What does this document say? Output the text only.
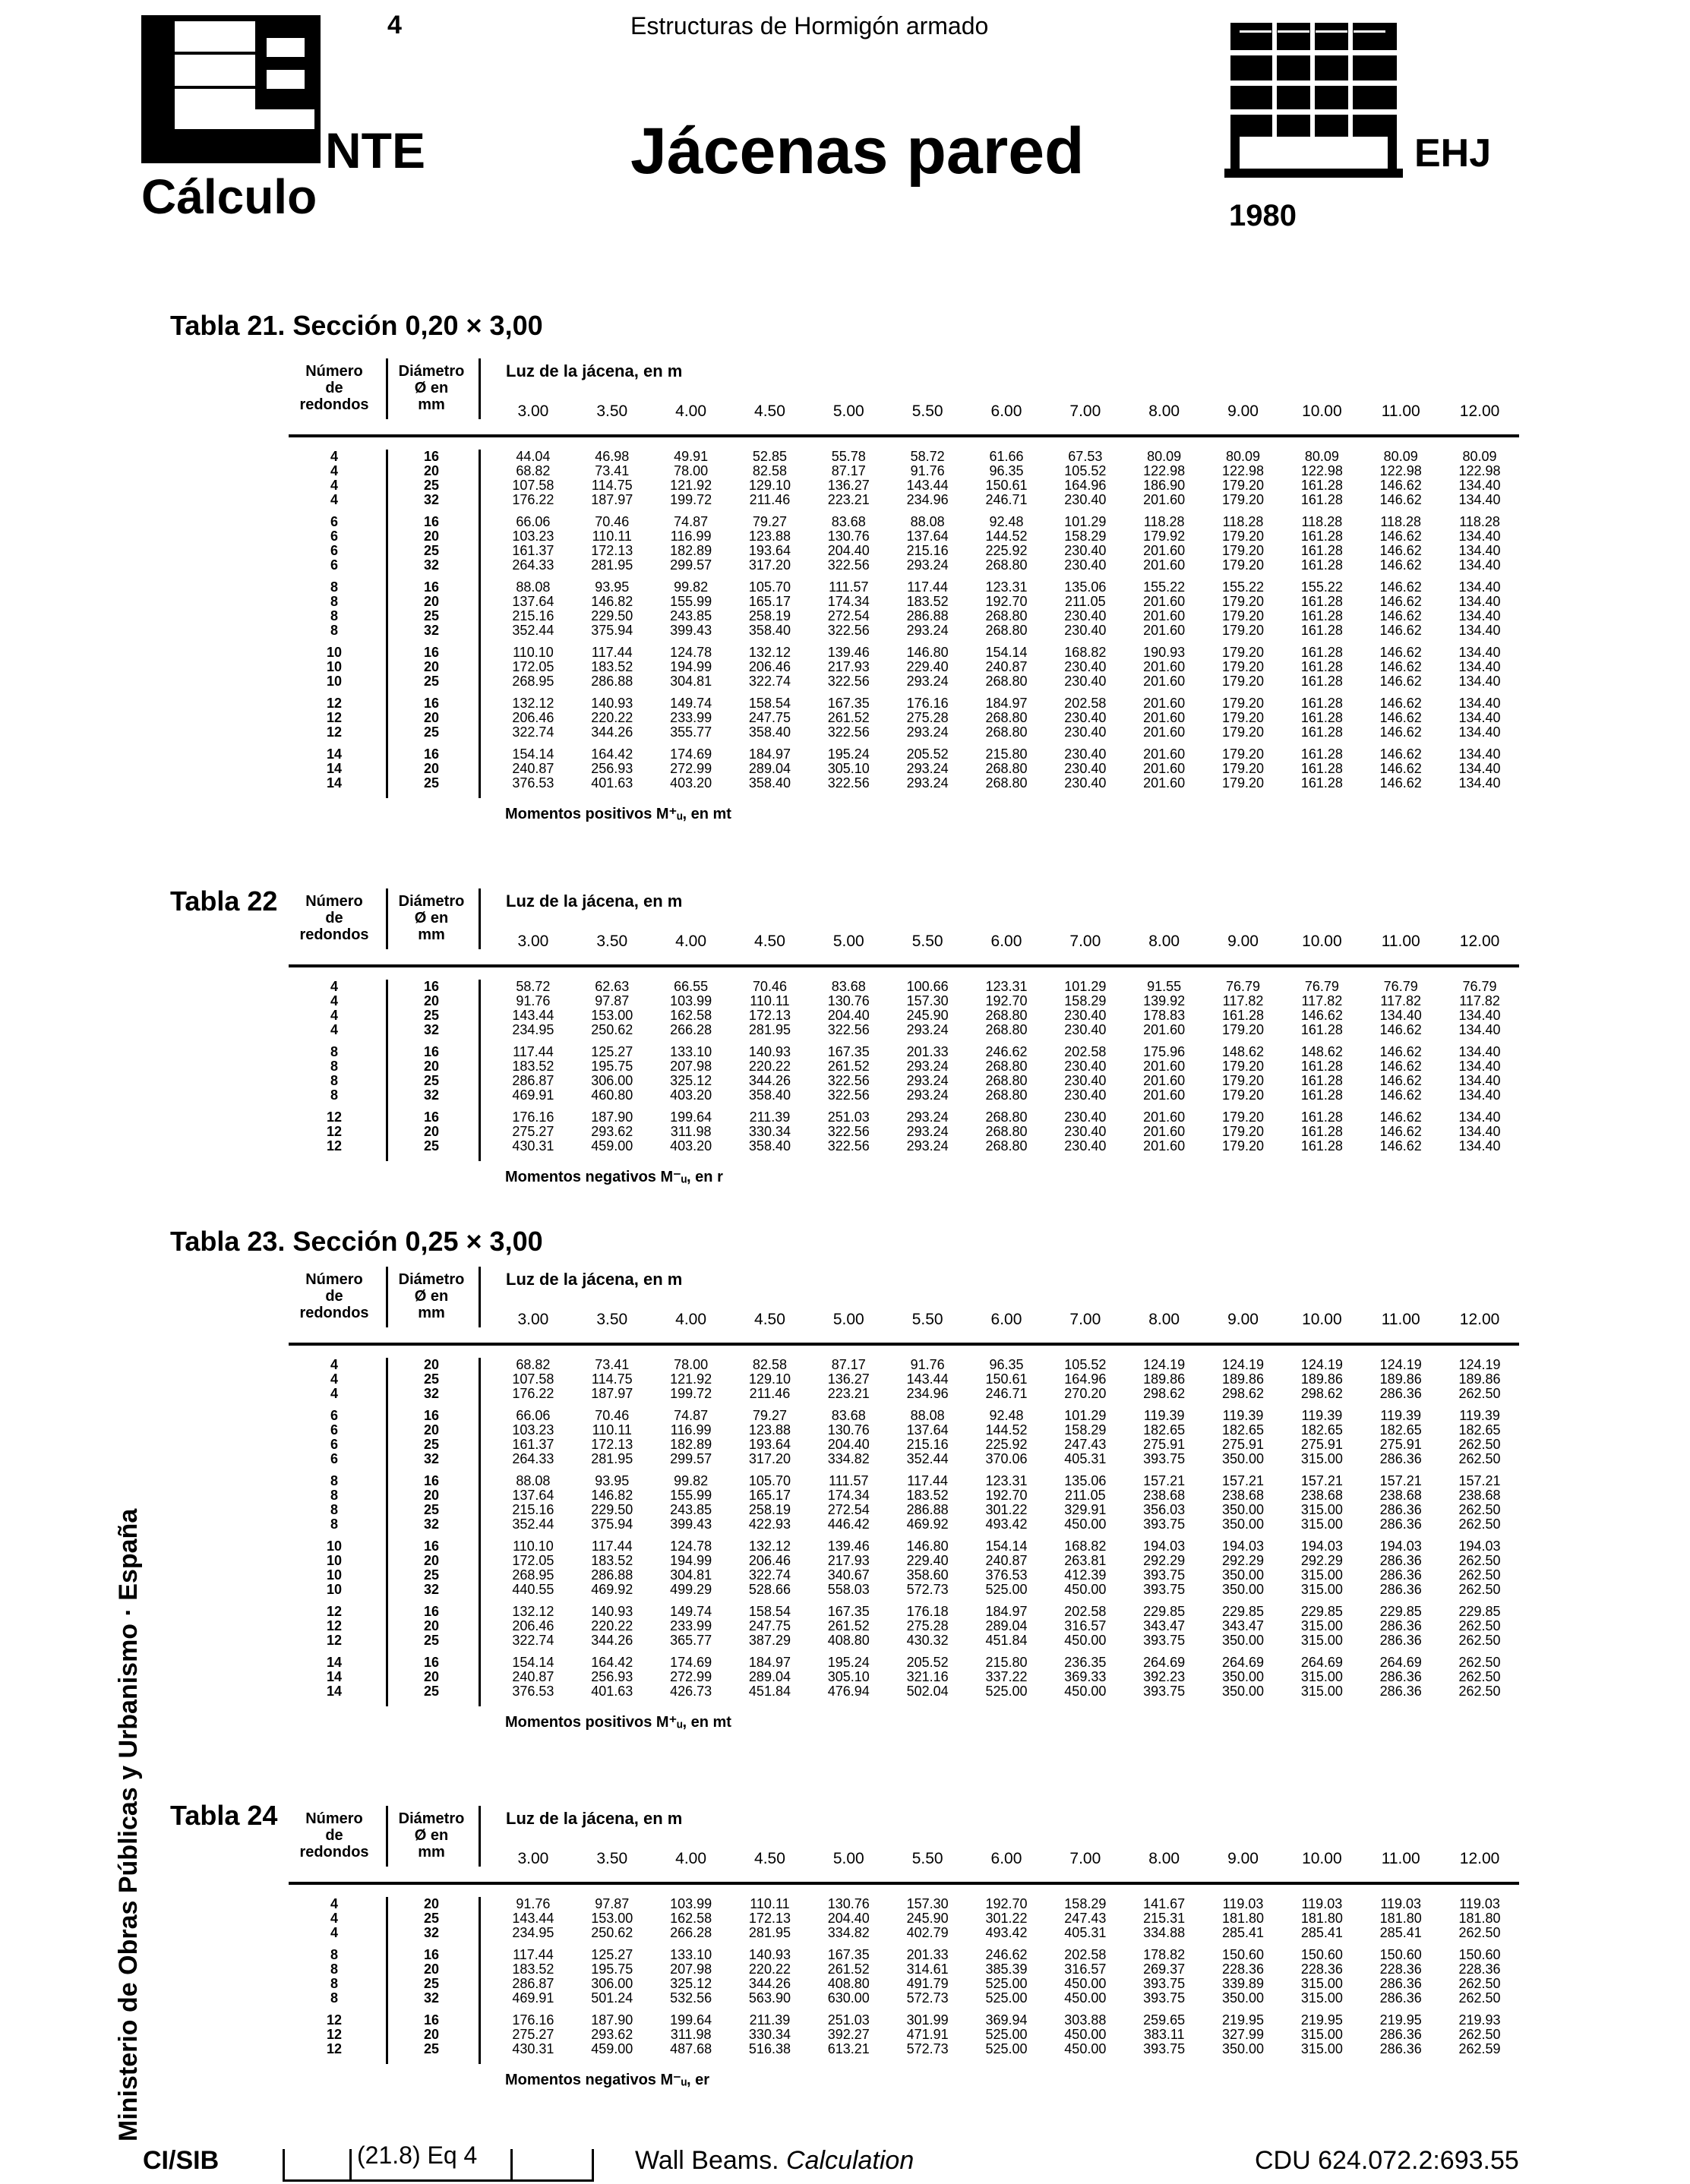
4	Estructuras de Hormigón armado
NTE
Cálculo
Jácenas pared	EHJ
1980
Ministerio de Obras Públicas y Urbanismo · España
CI/SIB	(21.8) Eq 4	Wall Beams. Calculation	CDU 624.072.2:693.55
Tabla 21. Sección 0,20 × 3,00
Tabla 22
Tabla 23. Sección 0,25 × 3,00
Tabla 24
Número
de
redondos
Diámetro
Ø en
mm
Luz de la jácena, en m
3.00	3.50	4.00	4.50	5.00	5.50	6.00	7.00	8.00	9.00	10.00	11.00	12.00
4	16	44.04	46.98	49.91	52.85	55.78	58.72	61.66	67.53	80.09	80.09	80.09	80.09	80.09
4	20	68.82	73.41	78.00	82.58	87.17	91.76	96.35	105.52	122.98	122.98	122.98	122.98	122.98
4	25	107.58	114.75	121.92	129.10	136.27	143.44	150.61	164.96	186.90	179.20	161.28	146.62	134.40
4	32	176.22	187.97	199.72	211.46	223.21	234.96	246.71	230.40	201.60	179.20	161.28	146.62	134.40
6	16	66.06	70.46	74.87	79.27	83.68	88.08	92.48	101.29	118.28	118.28	118.28	118.28	118.28
6	20	103.23	110.11	116.99	123.88	130.76	137.64	144.52	158.29	179.92	179.20	161.28	146.62	134.40
6	25	161.37	172.13	182.89	193.64	204.40	215.16	225.92	230.40	201.60	179.20	161.28	146.62	134.40
6	32	264.33	281.95	299.57	317.20	322.56	293.24	268.80	230.40	201.60	179.20	161.28	146.62	134.40
8	16	88.08	93.95	99.82	105.70	111.57	117.44	123.31	135.06	155.22	155.22	155.22	146.62	134.40
8	20	137.64	146.82	155.99	165.17	174.34	183.52	192.70	211.05	201.60	179.20	161.28	146.62	134.40
8	25	215.16	229.50	243.85	258.19	272.54	286.88	268.80	230.40	201.60	179.20	161.28	146.62	134.40
8	32	352.44	375.94	399.43	358.40	322.56	293.24	268.80	230.40	201.60	179.20	161.28	146.62	134.40
10	16	110.10	117.44	124.78	132.12	139.46	146.80	154.14	168.82	190.93	179.20	161.28	146.62	134.40
10	20	172.05	183.52	194.99	206.46	217.93	229.40	240.87	230.40	201.60	179.20	161.28	146.62	134.40
10	25	268.95	286.88	304.81	322.74	322.56	293.24	268.80	230.40	201.60	179.20	161.28	146.62	134.40
12	16	132.12	140.93	149.74	158.54	167.35	176.16	184.97	202.58	201.60	179.20	161.28	146.62	134.40
12	20	206.46	220.22	233.99	247.75	261.52	275.28	268.80	230.40	201.60	179.20	161.28	146.62	134.40
12	25	322.74	344.26	355.77	358.40	322.56	293.24	268.80	230.40	201.60	179.20	161.28	146.62	134.40
14	16	154.14	164.42	174.69	184.97	195.24	205.52	215.80	230.40	201.60	179.20	161.28	146.62	134.40
14	20	240.87	256.93	272.99	289.04	305.10	293.24	268.80	230.40	201.60	179.20	161.28	146.62	134.40
14	25	376.53	401.63	403.20	358.40	322.56	293.24	268.80	230.40	201.60	179.20	161.28	146.62	134.40
Momentos positivos M⁺ᵤ, en mt
Número
de
redondos
Diámetro
Ø en
mm
Luz de la jácena, en m
3.00	3.50	4.00	4.50	5.00	5.50	6.00	7.00	8.00	9.00	10.00	11.00	12.00
4	16	58.72	62.63	66.55	70.46	83.68	100.66	123.31	101.29	91.55	76.79	76.79	76.79	76.79
4	20	91.76	97.87	103.99	110.11	130.76	157.30	192.70	158.29	139.92	117.82	117.82	117.82	117.82
4	25	143.44	153.00	162.58	172.13	204.40	245.90	268.80	230.40	178.83	161.28	146.62	134.40	134.40
4	32	234.95	250.62	266.28	281.95	322.56	293.24	268.80	230.40	201.60	179.20	161.28	146.62	134.40
8	16	117.44	125.27	133.10	140.93	167.35	201.33	246.62	202.58	175.96	148.62	148.62	146.62	134.40
8	20	183.52	195.75	207.98	220.22	261.52	293.24	268.80	230.40	201.60	179.20	161.28	146.62	134.40
8	25	286.87	306.00	325.12	344.26	322.56	293.24	268.80	230.40	201.60	179.20	161.28	146.62	134.40
8	32	469.91	460.80	403.20	358.40	322.56	293.24	268.80	230.40	201.60	179.20	161.28	146.62	134.40
12	16	176.16	187.90	199.64	211.39	251.03	293.24	268.80	230.40	201.60	179.20	161.28	146.62	134.40
12	20	275.27	293.62	311.98	330.34	322.56	293.24	268.80	230.40	201.60	179.20	161.28	146.62	134.40
12	25	430.31	459.00	403.20	358.40	322.56	293.24	268.80	230.40	201.60	179.20	161.28	146.62	134.40
Momentos negativos M⁻ᵤ, en r
Número
de
redondos
Diámetro
Ø en
mm
Luz de la jácena, en m
3.00	3.50	4.00	4.50	5.00	5.50	6.00	7.00	8.00	9.00	10.00	11.00	12.00
4	20	68.82	73.41	78.00	82.58	87.17	91.76	96.35	105.52	124.19	124.19	124.19	124.19	124.19
4	25	107.58	114.75	121.92	129.10	136.27	143.44	150.61	164.96	189.86	189.86	189.86	189.86	189.86
4	32	176.22	187.97	199.72	211.46	223.21	234.96	246.71	270.20	298.62	298.62	298.62	286.36	262.50
6	16	66.06	70.46	74.87	79.27	83.68	88.08	92.48	101.29	119.39	119.39	119.39	119.39	119.39
6	20	103.23	110.11	116.99	123.88	130.76	137.64	144.52	158.29	182.65	182.65	182.65	182.65	182.65
6	25	161.37	172.13	182.89	193.64	204.40	215.16	225.92	247.43	275.91	275.91	275.91	275.91	262.50
6	32	264.33	281.95	299.57	317.20	334.82	352.44	370.06	405.31	393.75	350.00	315.00	286.36	262.50
8	16	88.08	93.95	99.82	105.70	111.57	117.44	123.31	135.06	157.21	157.21	157.21	157.21	157.21
8	20	137.64	146.82	155.99	165.17	174.34	183.52	192.70	211.05	238.68	238.68	238.68	238.68	238.68
8	25	215.16	229.50	243.85	258.19	272.54	286.88	301.22	329.91	356.03	350.00	315.00	286.36	262.50
8	32	352.44	375.94	399.43	422.93	446.42	469.92	493.42	450.00	393.75	350.00	315.00	286.36	262.50
10	16	110.10	117.44	124.78	132.12	139.46	146.80	154.14	168.82	194.03	194.03	194.03	194.03	194.03
10	20	172.05	183.52	194.99	206.46	217.93	229.40	240.87	263.81	292.29	292.29	292.29	286.36	262.50
10	25	268.95	286.88	304.81	322.74	340.67	358.60	376.53	412.39	393.75	350.00	315.00	286.36	262.50
10	32	440.55	469.92	499.29	528.66	558.03	572.73	525.00	450.00	393.75	350.00	315.00	286.36	262.50
12	16	132.12	140.93	149.74	158.54	167.35	176.18	184.97	202.58	229.85	229.85	229.85	229.85	229.85
12	20	206.46	220.22	233.99	247.75	261.52	275.28	289.04	316.57	343.47	343.47	315.00	286.36	262.50
12	25	322.74	344.26	365.77	387.29	408.80	430.32	451.84	450.00	393.75	350.00	315.00	286.36	262.50
14	16	154.14	164.42	174.69	184.97	195.24	205.52	215.80	236.35	264.69	264.69	264.69	264.69	262.50
14	20	240.87	256.93	272.99	289.04	305.10	321.16	337.22	369.33	392.23	350.00	315.00	286.36	262.50
14	25	376.53	401.63	426.73	451.84	476.94	502.04	525.00	450.00	393.75	350.00	315.00	286.36	262.50
Momentos positivos M⁺ᵤ, en mt
Número
de
redondos
Diámetro
Ø en
mm
Luz de la jácena, en m
3.00	3.50	4.00	4.50	5.00	5.50	6.00	7.00	8.00	9.00	10.00	11.00	12.00
4	20	91.76	97.87	103.99	110.11	130.76	157.30	192.70	158.29	141.67	119.03	119.03	119.03	119.03
4	25	143.44	153.00	162.58	172.13	204.40	245.90	301.22	247.43	215.31	181.80	181.80	181.80	181.80
4	32	234.95	250.62	266.28	281.95	334.82	402.79	493.42	405.31	334.88	285.41	285.41	285.41	262.50
8	16	117.44	125.27	133.10	140.93	167.35	201.33	246.62	202.58	178.82	150.60	150.60	150.60	150.60
8	20	183.52	195.75	207.98	220.22	261.52	314.61	385.39	316.57	269.37	228.36	228.36	228.36	228.36
8	25	286.87	306.00	325.12	344.26	408.80	491.79	525.00	450.00	393.75	339.89	315.00	286.36	262.50
8	32	469.91	501.24	532.56	563.90	630.00	572.73	525.00	450.00	393.75	350.00	315.00	286.36	262.50
12	16	176.16	187.90	199.64	211.39	251.03	301.99	369.94	303.88	259.65	219.95	219.95	219.95	219.93
12	20	275.27	293.62	311.98	330.34	392.27	471.91	525.00	450.00	383.11	327.99	315.00	286.36	262.50
12	25	430.31	459.00	487.68	516.38	613.21	572.73	525.00	450.00	393.75	350.00	315.00	286.36	262.59
Momentos negativos M⁻ᵤ, er
